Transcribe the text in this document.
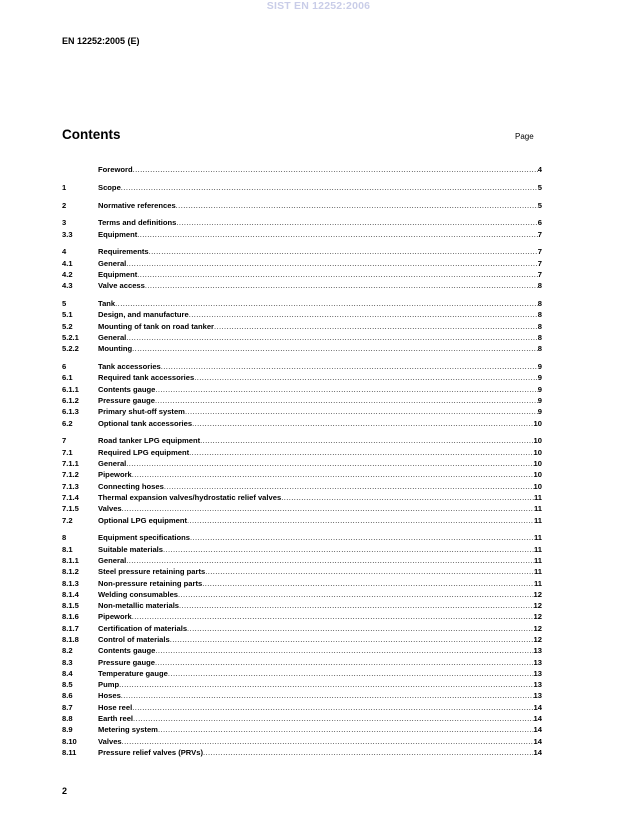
SIST EN 12252:2006
EN 12252:2005 (E)
Contents	Page
Foreword .....	4
1	Scope .....	5
2	Normative references .....	5
3	Terms and definitions .....	6
3.3	Equipment .....	7
4	Requirements .....	7
4.1	General .....	7
4.2	Equipment .....	7
4.3	Valve access .....	8
5	Tank .....	8
5.1	Design, and manufacture .....	8
5.2	Mounting of tank on road tanker .....	8
5.2.1	General .....	8
5.2.2	Mounting .....	8
6	Tank accessories .....	9
6.1	Required tank accessories .....	9
6.1.1	Contents gauge .....	9
6.1.2	Pressure gauge .....	9
6.1.3	Primary shut-off system .....	9
6.2	Optional tank accessories .....	10
7	Road tanker LPG equipment .....	10
7.1	Required LPG equipment .....	10
7.1.1	General .....	10
7.1.2	Pipework .....	10
7.1.3	Connecting hoses .....	10
7.1.4	Thermal expansion valves/hydrostatic relief valves .....	11
7.1.5	Valves .....	11
7.2	Optional LPG equipment .....	11
8	Equipment specifications .....	11
8.1	Suitable materials .....	11
8.1.1	General .....	11
8.1.2	Steel pressure retaining parts .....	11
8.1.3	Non-pressure retaining parts .....	11
8.1.4	Welding consumables .....	12
8.1.5	Non-metallic materials .....	12
8.1.6	Pipework .....	12
8.1.7	Certification of materials .....	12
8.1.8	Control of materials .....	12
8.2	Contents gauge .....	13
8.3	Pressure gauge .....	13
8.4	Temperature gauge .....	13
8.5	Pump .....	13
8.6	Hoses .....	13
8.7	Hose reel .....	14
8.8	Earth reel .....	14
8.9	Metering system .....	14
8.10	Valves .....	14
8.11	Pressure relief valves (PRVs) .....	14
2
